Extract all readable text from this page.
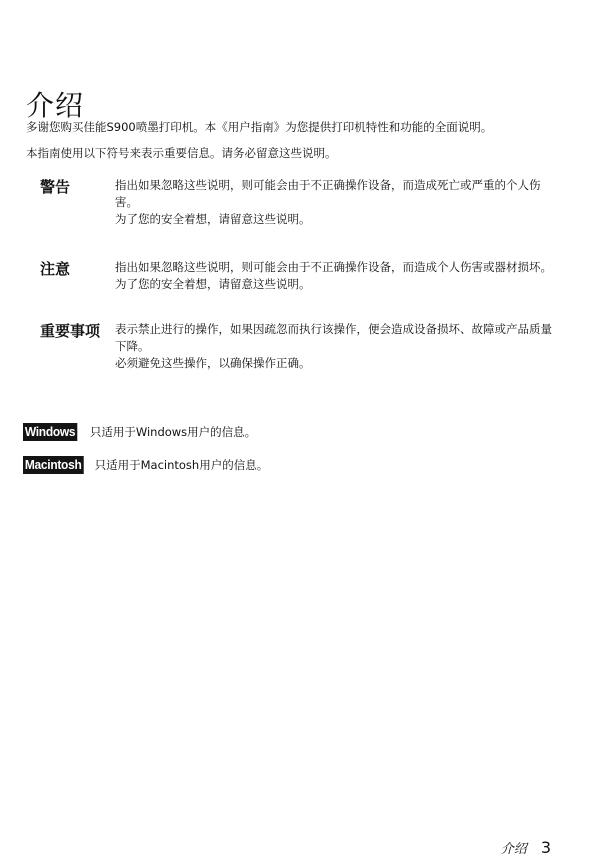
介绍
多谢您购买佳能S900喷墨打印机。本《用户指南》为您提供打印机特性和功能的全面说明。
本指南使用以下符号来表示重要信息。请务必留意这些说明。
警告	指出如果忽略这些说明，则可能会由于不正确操作设备，而造成死亡或严重的个人伤害。

为了您的安全着想，请留意这些说明。

注意	指出如果忽略这些说明，则可能会由于不正确操作设备，而造成个人伤害或器材损坏。为了您的安全着想，请留意这些说明。

重要事项 表示禁止进行的操作，如果因疏忽而执行该操作，便会造成设备损坏、故障或产品质量下降。

必须避免这些操作，以确保操作正确。

Windows 只适用于Windows用户的信息。
Macintosh 只适用于Macintosh用户的信息。
介绍 3
